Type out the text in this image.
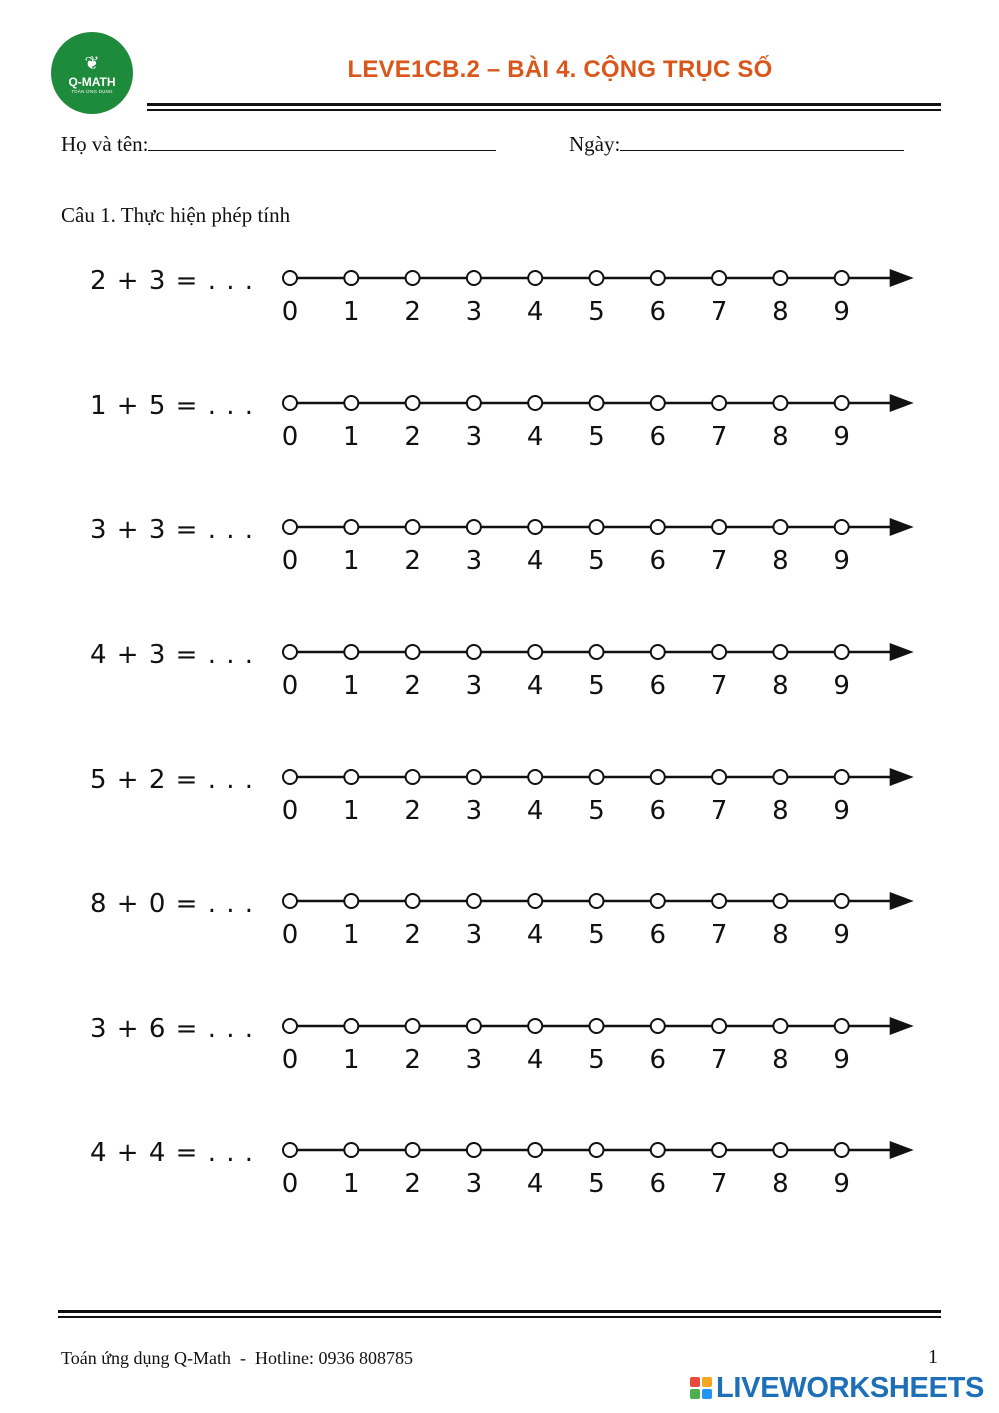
❦
Q-MATH
TOÁN ỨNG DỤNG
LEVE1CB.2 – BÀI 4. CỘNG TRỤC SỐ
Họ và tên:	Ngày:
Câu 1. Thực hiện phép tính
2 + 3 = . . .
0 1 2 3 4 5 6 7 8 9
1 + 5 = . . .
0 1 2 3 4 5 6 7 8 9
3 + 3 = . . .
0 1 2 3 4 5 6 7 8 9
4 + 3 = . . .
0 1 2 3 4 5 6 7 8 9
5 + 2 = . . .
0 1 2 3 4 5 6 7 8 9
8 + 0 = . . .
0 1 2 3 4 5 6 7 8 9
3 + 6 = . . .
0 1 2 3 4 5 6 7 8 9
4 + 4 = . . .
0 1 2 3 4 5 6 7 8 9
Toán ứng dụng Q-Math  -  Hotline: 0936 808785	1
LIVEWORKSHEETS
